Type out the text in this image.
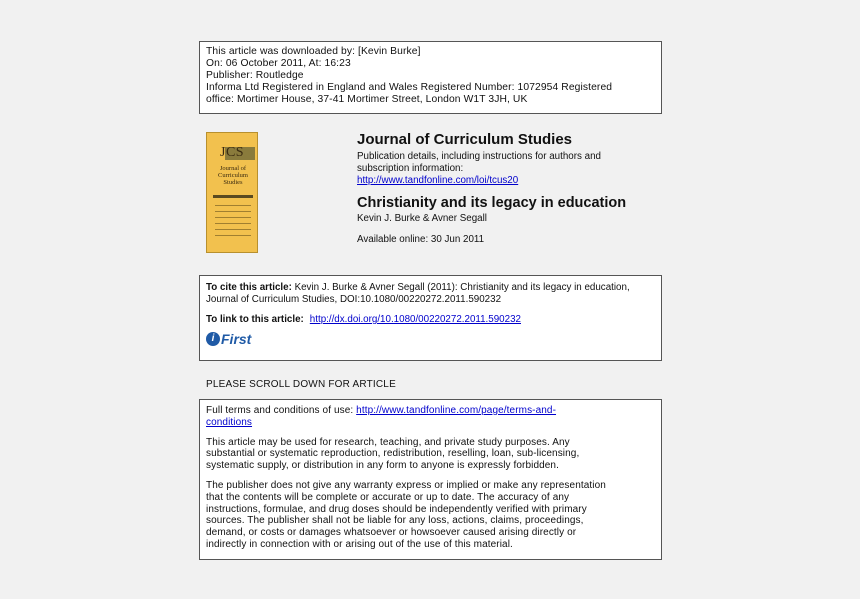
This article was downloaded by: [Kevin Burke]
On: 06 October 2011, At: 16:23
Publisher: Routledge
Informa Ltd Registered in England and Wales Registered Number: 1072954 Registered
office: Mortimer House, 37-41 Mortimer Street, London W1T 3JH, UK
JCS
Journal of Curriculum Studies
Journal of Curriculum Studies
Publication details, including instructions for authors and subscription information:
http://www.tandfonline.com/loi/tcus20
Christianity and its legacy in education
Kevin J. Burke & Avner Segall
Available online: 30 Jun 2011
To cite this article: Kevin J. Burke & Avner Segall (2011): Christianity and its legacy in education,
Journal of Curriculum Studies, DOI:10.1080/00220272.2011.590232
To link to this article: http://dx.doi.org/10.1080/00220272.2011.590232
i First
PLEASE SCROLL DOWN FOR ARTICLE

Full terms and conditions of use: http://www.tandfonline.com/page/terms-and-
conditions

This article may be used for research, teaching, and private study purposes. Any
substantial or systematic reproduction, redistribution, reselling, loan, sub-licensing,
systematic supply, or distribution in any form to anyone is expressly forbidden.

The publisher does not give any warranty express or implied or make any representation
that the contents will be complete or accurate or up to date. The accuracy of any
instructions, formulae, and drug doses should be independently verified with primary
sources. The publisher shall not be liable for any loss, actions, claims, proceedings,
demand, or costs or damages whatsoever or howsoever caused arising directly or
indirectly in connection with or arising out of the use of this material.
